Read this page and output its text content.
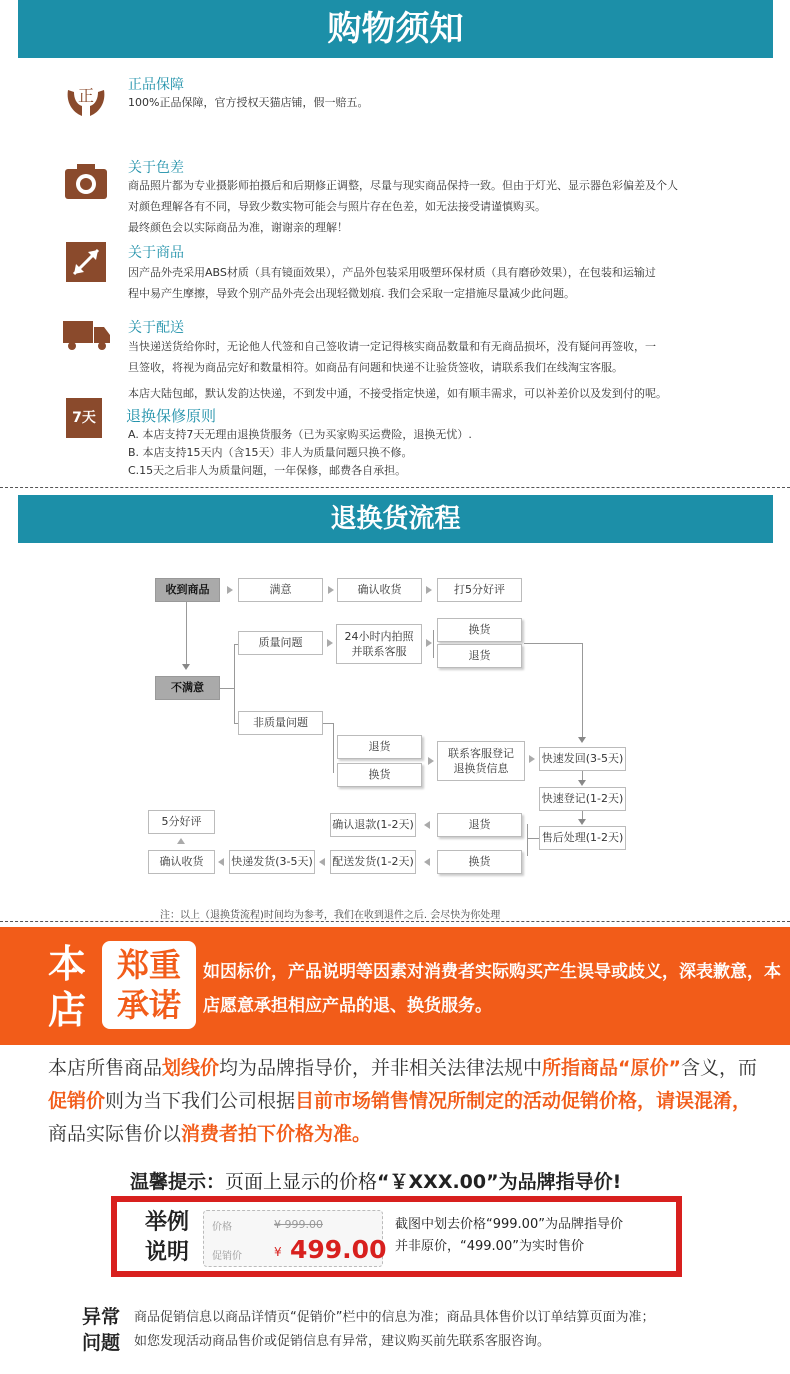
购物须知
正
正品保障
100%正品保障，官方授权天猫店铺，假一赔五。
关于色差
商品照片都为专业摄影师拍摄后和后期修正调整，尽量与现实商品保持一致。但由于灯光、显示器色彩偏差及个人
对颜色理解各有不同，导致少数实物可能会与照片存在色差，如无法接受请谨慎购买。
最终颜色会以实际商品为准，谢谢亲的理解！
关于商品
因产品外壳采用ABS材质（具有镜面效果），产品外包装采用吸塑环保材质（具有磨砂效果），在包装和运输过
程中易产生摩擦，导致个别产品外壳会出现轻微划痕. 我们会采取一定措施尽量减少此问题。
关于配送
当快递送货给你时，无论他人代签和自己签收请一定记得核实商品数量和有无商品损坏，没有疑问再签收，一
旦签收，将视为商品完好和数量相符。如商品有问题和快递不让验货签收，请联系我们在线淘宝客服。
本店大陆包邮，默认发韵达快递，不到发中通，不接受指定快递，如有顺丰需求，可以补差价以及发到付的呢。
7天	退换保修原则
A. 本店支持7天无理由退换货服务（已为买家购买运费险，退换无忧）.
B. 本店支持15天内（含15天）非人为质量问题只换不修。
C.15天之后非人为质量问题，一年保修，邮费各自承担。
退换货流程
收到商品	满意	确认收货	打5分好评
不满意
质量问题	24小时内拍照
并联系客服
换货
退货
非质量问题
退货
换货
联系客服登记
退换货信息
快速发回(3-5天)
快速登记(1-2天)
售后处理(1-2天)
退货
换货
确认退款(1-2天)
配送发货(1-2天)
快递发货(3-5天)
确认收货
5分好评
注：以上（退换货流程)时间均为参考，我们在收到退件之后. 会尽快为你处理
本
店
郑重
承诺
如因标价，产品说明等因素对消费者实际购买产生误导或歧义，深表歉意，本店愿意承担相应产品的退、换货服务。
本店所售商品划线价均为品牌指导价，并非相关法律法规中所指商品“原价”含义，而促销价则为当下我们公司根据目前市场销售情况所制定的活动促销价格，请误混淆，商品实际售价以消费者拍下价格为准。
温馨提示：页面上显示的价格“￥XXX.00”为品牌指导价!
举例
说明
价格	¥ 999.00
促销价	¥ 499.00
截图中划去价格“999.00”为品牌指导价
并非原价，“499.00”为实时售价
异常
问题
商品促销信息以商品详情页“促销价”栏中的信息为准；商品具体售价以订单结算页面为准；
如您发现活动商品售价或促销信息有异常，建议购买前先联系客服咨询。
